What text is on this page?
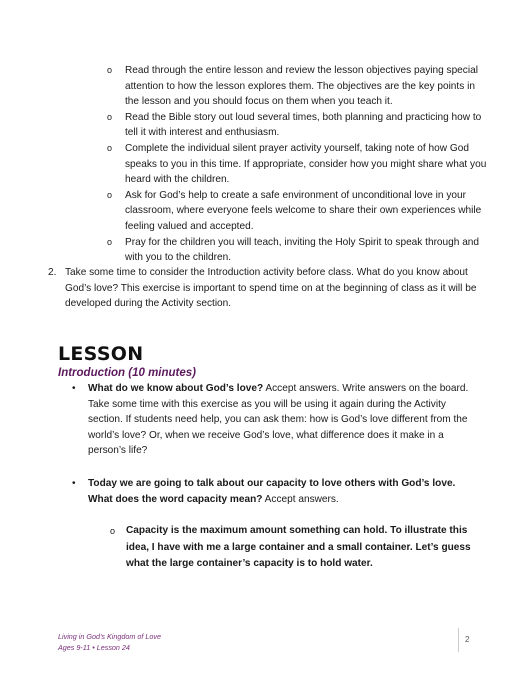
o Read through the entire lesson and review the lesson objectives paying special attention to how the lesson explores them. The objectives are the key points in the lesson and you should focus on them when you teach it.
o Read the Bible story out loud several times, both planning and practicing how to tell it with interest and enthusiasm.
o Complete the individual silent prayer activity yourself, taking note of how God speaks to you in this time. If appropriate, consider how you might share what you heard with the children.
o Ask for God’s help to create a safe environment of unconditional love in your classroom, where everyone feels welcome to share their own experiences while feeling valued and accepted.
o Pray for the children you will teach, inviting the Holy Spirit to speak through and with you to the children.
2. Take some time to consider the Introduction activity before class. What do you know about God’s love? This exercise is important to spend time on at the beginning of class as it will be developed during the Activity section.
LESSON
Introduction (10 minutes)
• What do we know about God’s love? Accept answers. Write answers on the board. Take some time with this exercise as you will be using it again during the Activity section. If students need help, you can ask them: how is God’s love different from the world’s love? Or, when we receive God’s love, what difference does it make in a person’s life?
• Today we are going to talk about our capacity to love others with God’s love. What does the word capacity mean? Accept answers.
o Capacity is the maximum amount something can hold. To illustrate this idea, I have with me a large container and a small container. Let’s guess what the large container’s capacity is to hold water.
Living in God’s Kingdom of Love
Ages 9-11 • Lesson 24
2
